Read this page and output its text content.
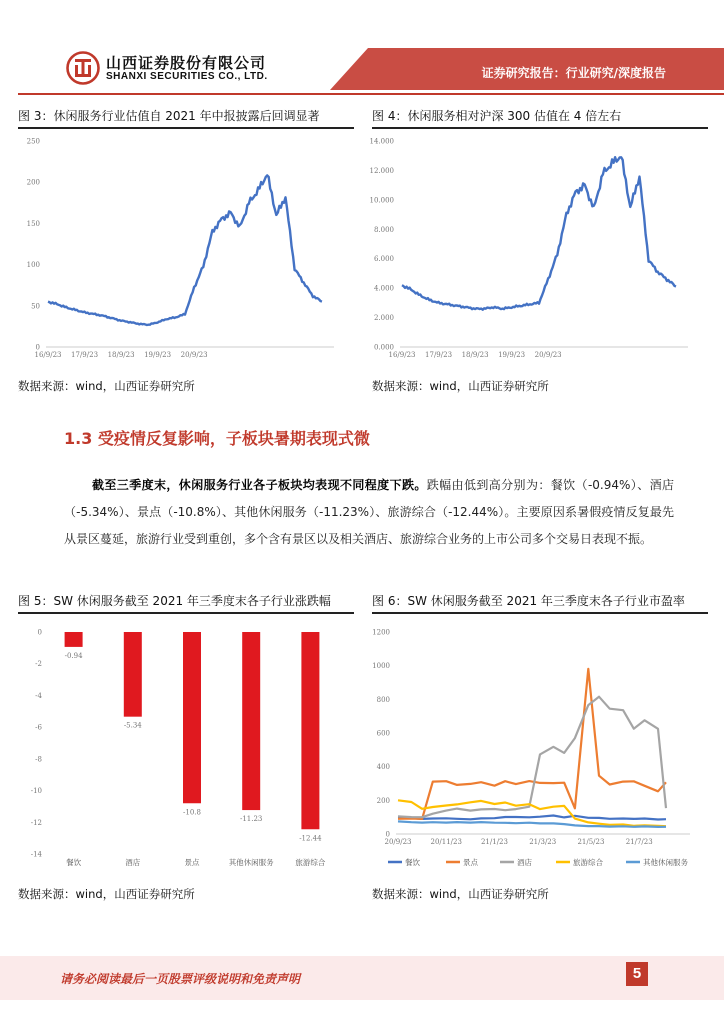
山西证券股份有限公司
SHANXI SECURITIES CO., LTD.	证券研究报告：行业研究/深度报告
图 3：休闲服务行业估值自 2021 年中报披露后回调显著
0
50
100
150
200
250
16/9/23 17/9/23 18/9/23 19/9/23 20/9/23
数据来源：wind，山西证券研究所
图 4：休闲服务相对沪深 300 估值在 4 倍左右
0.000
2.000
4.000
6.000
8.000
10.000
12.000
14.000
16/9/23 17/9/23 18/9/23 19/9/23 20/9/23
数据来源：wind，山西证券研究所
1.3 受疫情反复影响，子板块暑期表现式微
截至三季度末，休闲服务行业各子板块均表现不同程度下跌。跌幅由低到高分别为：餐饮（-0.94%）、酒店（-5.34%）、景点（-10.8%）、其他休闲服务（-11.23%）、旅游综合（-12.44%）。主要原因系暑假疫情反复最先从景区蔓延，旅游行业受到重创，多个含有景区以及相关酒店、旅游综合业务的上市公司多个交易日表现不振。
图 5：SW 休闲服务截至 2021 年三季度末各子行业涨跌幅
0
-2
-4
-6
-8
-10
-12
-14
-0.94
餐饮
-5.34
酒店
-10.8
景点
-11.23
其他休闲服务
-12.44
旅游综合
数据来源：wind，山西证券研究所
图 6：SW 休闲服务截至 2021 年三季度末各子行业市盈率
0
200
400
600
800
1000
1200
20/9/23	20/11/23	21/1/23	21/3/23	21/5/23	21/7/23
餐饮	景点	酒店	旅游综合	其他休闲服务
数据来源：wind，山西证券研究所
请务必阅读最后一页股票评级说明和免责声明	5
